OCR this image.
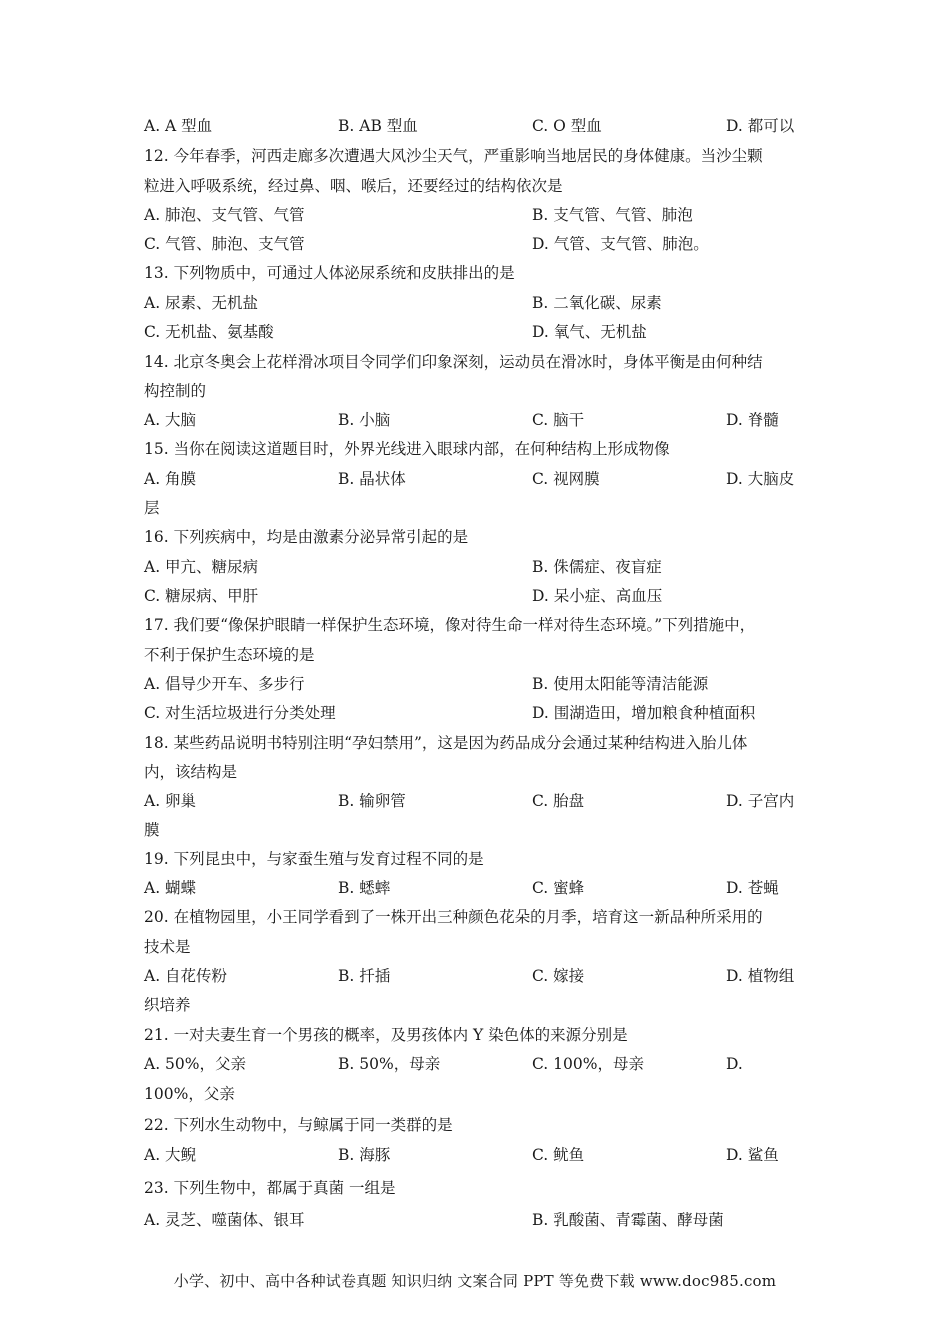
A. A 型血	B. AB 型血	C. O 型血	D. 都可以
12. 今年春季，河西走廊多次遭遇大风沙尘天气，严重影响当地居民的身体健康。当沙尘颗
粒进入呼吸系统，经过鼻、咽、喉后，还要经过的结构依次是
A. 肺泡、支气管、气管	B. 支气管、气管、肺泡
C. 气管、肺泡、支气管	D. 气管、支气管、肺泡。
13. 下列物质中，可通过人体泌尿系统和皮肤排出的是
A. 尿素、无机盐	B. 二氧化碳、尿素
C. 无机盐、氨基酸	D. 氧气、无机盐
14. 北京冬奥会上花样滑冰项目令同学们印象深刻，运动员在滑冰时，身体平衡是由何种结
构控制的
A. 大脑	B. 小脑	C. 脑干	D. 脊髓
15. 当你在阅读这道题目时，外界光线进入眼球内部，在何种结构上形成物像
A. 角膜	B. 晶状体	C. 视网膜	D. 大脑皮
层
16. 下列疾病中，均是由激素分泌异常引起的是
A. 甲亢、糖尿病	B. 侏儒症、夜盲症
C. 糖尿病、甲肝	D. 呆小症、高血压
17. 我们要“像保护眼睛一样保护生态环境，像对待生命一样对待生态环境。”下列措施中，
不利于保护生态环境的是
A. 倡导少开车、多步行	B. 使用太阳能等清洁能源
C. 对生活垃圾进行分类处理	D. 围湖造田，增加粮食种植面积
18. 某些药品说明书特别注明“孕妇禁用”，这是因为药品成分会通过某种结构进入胎儿体
内，该结构是
A. 卵巢	B. 输卵管	C. 胎盘	D. 子宫内
膜
19. 下列昆虫中，与家蚕生殖与发育过程不同的是
A. 蝴蝶	B. 蟋蟀	C. 蜜蜂	D. 苍蝇
20. 在植物园里，小王同学看到了一株开出三种颜色花朵的月季，培育这一新品种所采用的
技术是
A. 自花传粉	B. 扦插	C. 嫁接	D. 植物组
织培养
21. 一对夫妻生育一个男孩的概率，及男孩体内 Y 染色体的来源分别是
A. 50%，父亲	B. 50%，母亲	C. 100%，母亲	D.
100%，父亲
22. 下列水生动物中，与鲸属于同一类群的是
A. 大鲵	B. 海豚	C. 鱿鱼	D. 鲨鱼
23. 下列生物中，都属于真菌 一组是
A. 灵芝、噬菌体、银耳	B. 乳酸菌、青霉菌、酵母菌
小学、初中、高中各种试卷真题 知识归纳 文案合同 PPT 等免费下载 www.doc985.com
